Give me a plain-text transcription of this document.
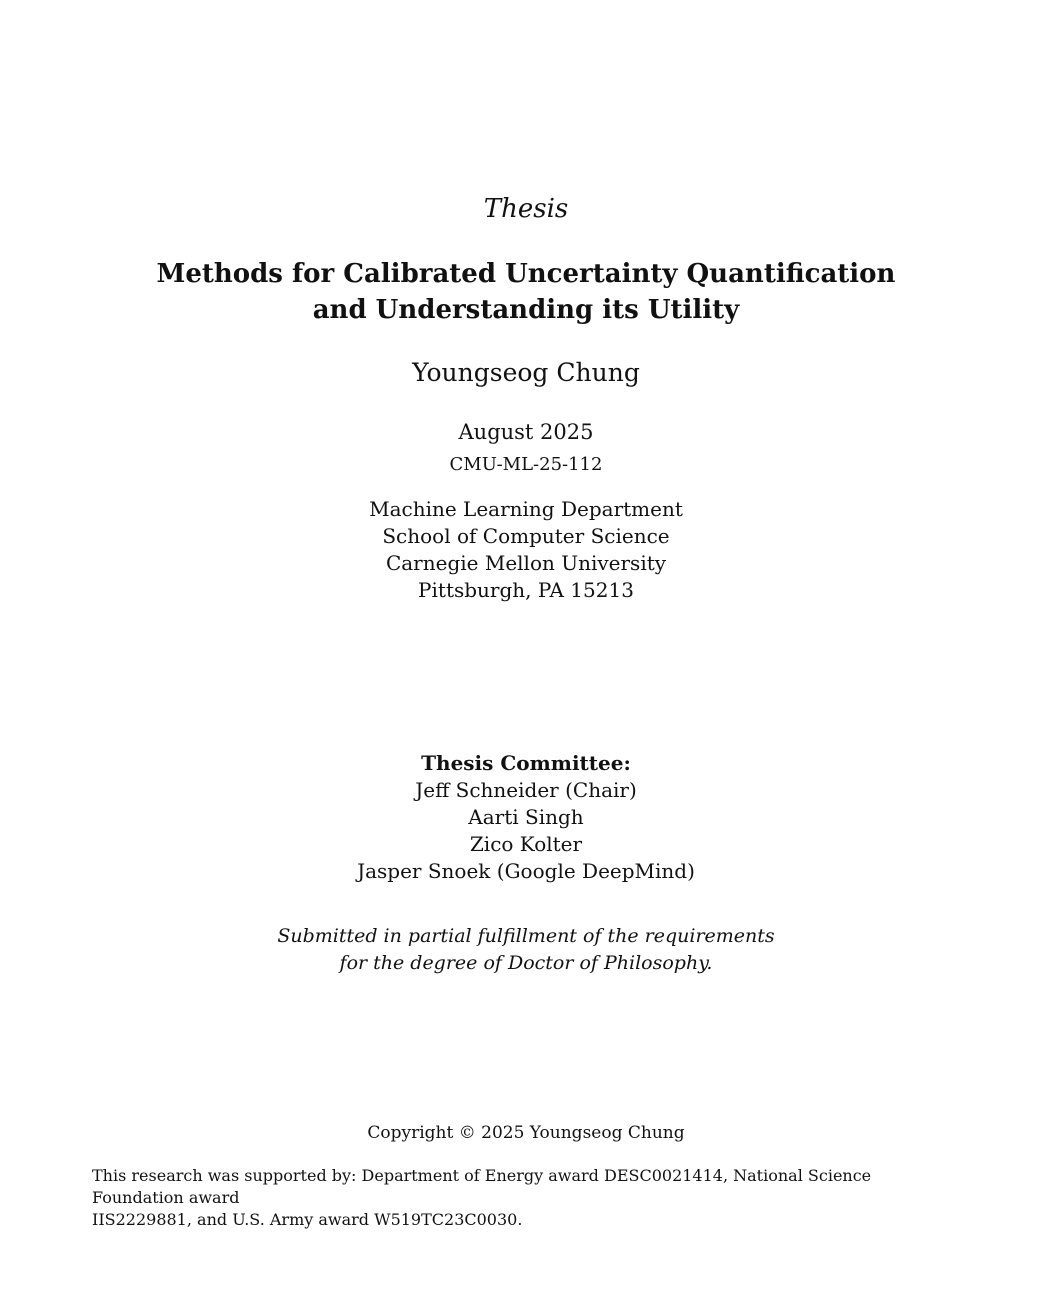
Thesis
Methods for Calibrated Uncertainty Quantification
and Understanding its Utility
Youngseog Chung
August 2025
CMU-ML-25-112
Machine Learning Department
School of Computer Science
Carnegie Mellon University
Pittsburgh, PA 15213
Thesis Committee:
Jeff Schneider (Chair)
Aarti Singh
Zico Kolter
Jasper Snoek (Google DeepMind)
Submitted in partial fulfillment of the requirements
for the degree of Doctor of Philosophy.
Copyright © 2025 Youngseog Chung
This research was supported by: Department of Energy award DESC0021414, National Science Foundation award
IIS2229881, and U.S. Army award W519TC23C0030.
